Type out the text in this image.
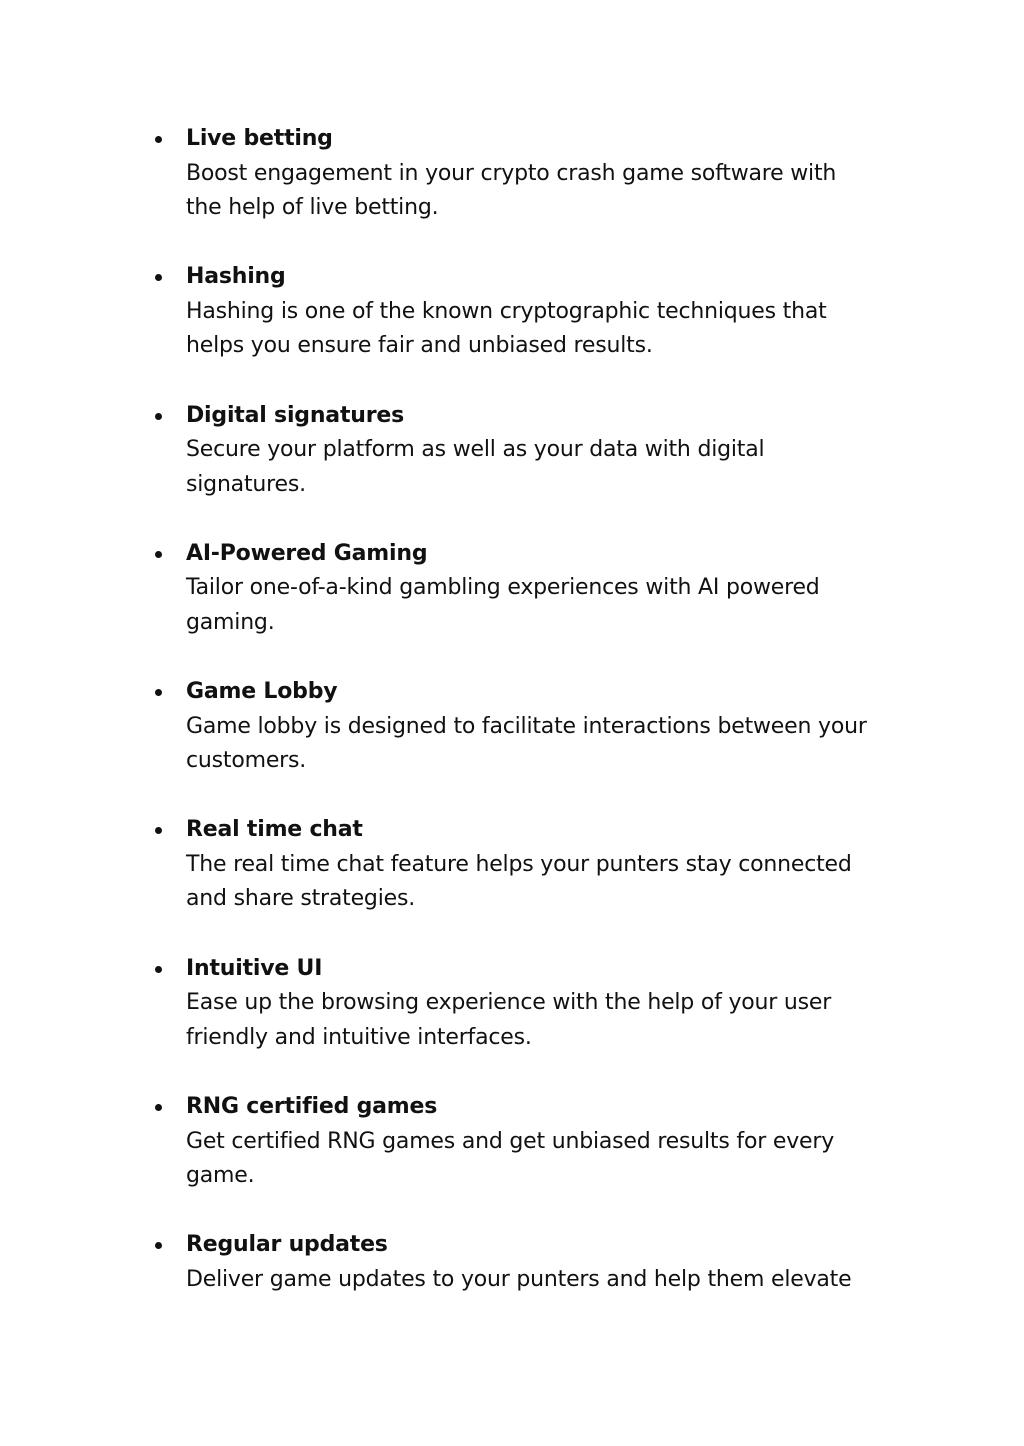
Live betting
Boost engagement in your crypto crash game software with
the help of live betting.
Hashing
Hashing is one of the known cryptographic techniques that
helps you ensure fair and unbiased results.
Digital signatures
Secure your platform as well as your data with digital
signatures.
AI-Powered Gaming
Tailor one-of-a-kind gambling experiences with AI powered
gaming.
Game Lobby
Game lobby is designed to facilitate interactions between your
customers.
Real time chat
The real time chat feature helps your punters stay connected
and share strategies.
Intuitive UI
Ease up the browsing experience with the help of your user
friendly and intuitive interfaces.
RNG certified games
Get certified RNG games and get unbiased results for every
game.
Regular updates
Deliver game updates to your punters and help them elevate
